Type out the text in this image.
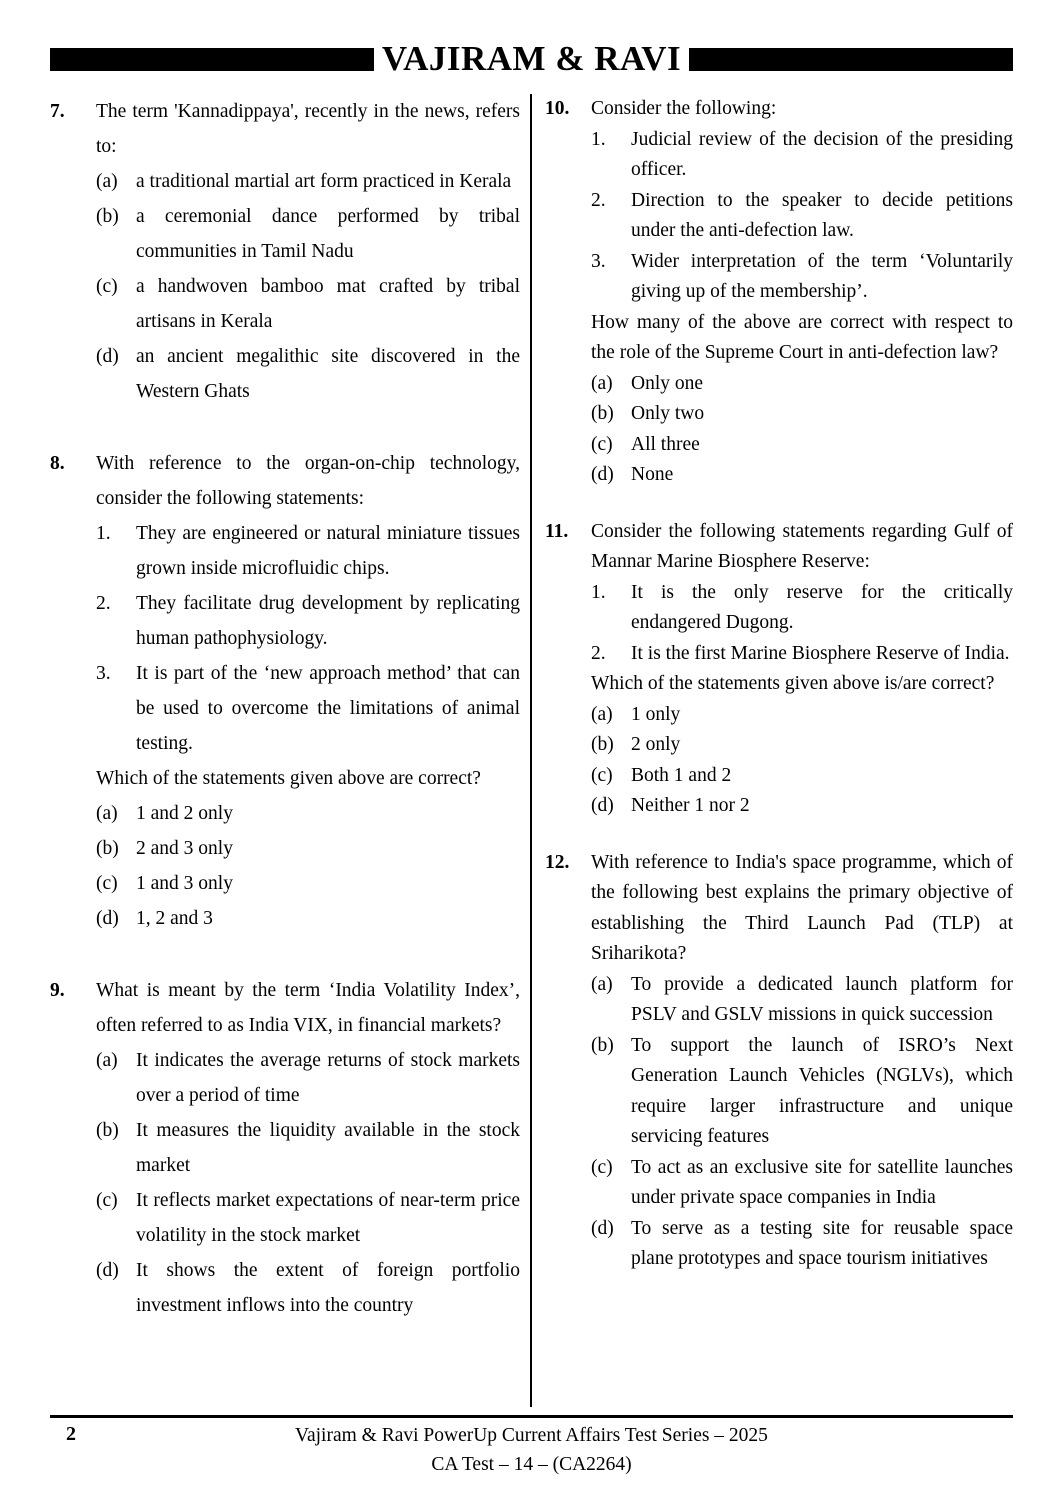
VAJIRAM & RAVI
7.	The term 'Kannadippaya', recently in the news, refers to:
(a) a traditional martial art form practiced in Kerala
(b) a ceremonial dance performed by tribal communities in Tamil Nadu
(c) a handwoven bamboo mat crafted by tribal artisans in Kerala
(d) an ancient megalithic site discovered in the Western Ghats
8.	With reference to the organ-on-chip technology, consider the following statements:
1.	They are engineered or natural miniature tissues grown inside microfluidic chips.
2.	They facilitate drug development by replicating human pathophysiology.
3.	It is part of the ‘new approach method’ that can be used to overcome the limitations of animal testing.
Which of the statements given above are correct?
(a) 1 and 2 only
(b) 2 and 3 only
(c) 1 and 3 only
(d) 1, 2 and 3
9.	What is meant by the term ‘India Volatility Index’, often referred to as India VIX, in financial markets?
(a) It indicates the average returns of stock markets over a period of time
(b) It measures the liquidity available in the stock market
(c) It reflects market expectations of near-term price volatility in the stock market
(d) It shows the extent of foreign portfolio investment inflows into the country
10.	Consider the following:
1.	Judicial review of the decision of the presiding officer.
2.	Direction to the speaker to decide petitions under the anti-defection law.
3.	Wider interpretation of the term ‘Voluntarily giving up of the membership’.
How many of the above are correct with respect to the role of the Supreme Court in anti-defection law?
(a) Only one
(b) Only two
(c) All three
(d) None
11.	Consider the following statements regarding Gulf of Mannar Marine Biosphere Reserve:
1.	It is the only reserve for the critically endangered Dugong.
2.	It is the first Marine Biosphere Reserve of India.
Which of the statements given above is/are correct?
(a) 1 only
(b) 2 only
(c) Both 1 and 2
(d) Neither 1 nor 2
12.	With reference to India's space programme, which of the following best explains the primary objective of establishing the Third Launch Pad (TLP) at Sriharikota?
(a) To provide a dedicated launch platform for PSLV and GSLV missions in quick succession
(b) To support the launch of ISRO’s Next Generation Launch Vehicles (NGLVs), which require larger infrastructure and unique servicing features
(c) To act as an exclusive site for satellite launches under private space companies in India
(d) To serve as a testing site for reusable space plane prototypes and space tourism initiatives
2	Vajiram & Ravi PowerUp Current Affairs Test Series – 2025
CA Test – 14 – (CA2264)
